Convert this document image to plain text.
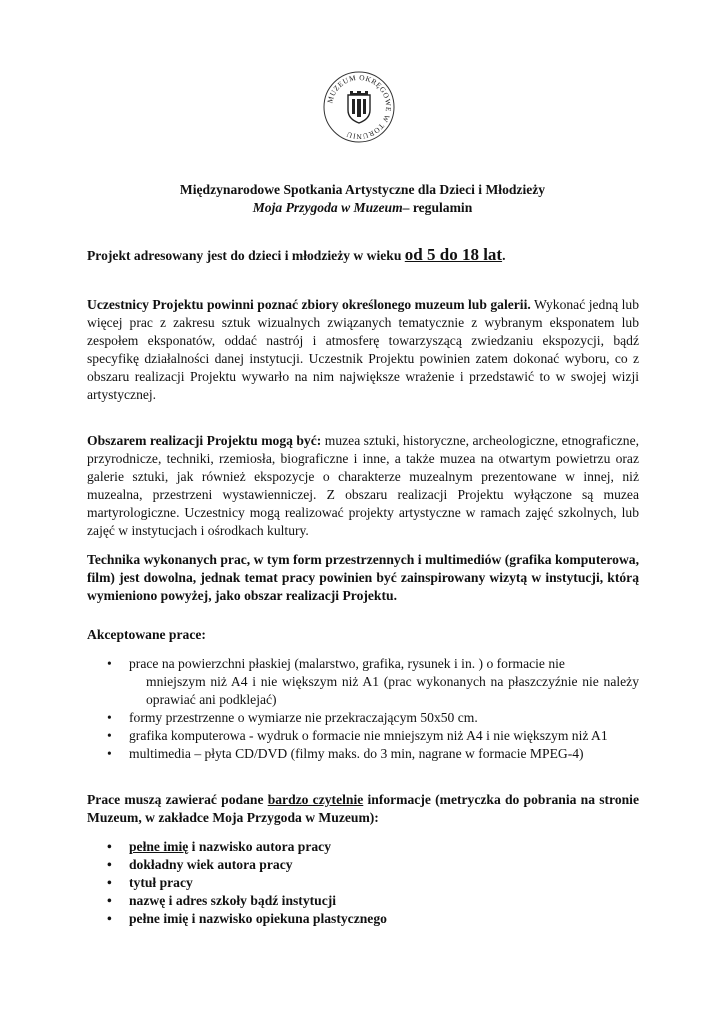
MUZEUM OKRĘGOWE W TORUNIU
Międzynarodowe Spotkania Artystyczne dla Dzieci i Młodzieży
Moja Przygoda w Muzeum– regulamin
Projekt adresowany jest do dzieci i młodzieży w wieku od 5 do 18 lat.
Uczestnicy Projektu powinni poznać zbiory określonego muzeum lub galerii. Wykonać jedną lub więcej prac z zakresu sztuk wizualnych związanych tematycznie z wybranym eksponatem lub zespołem eksponatów, oddać nastrój i atmosferę towarzyszącą zwiedzaniu ekspozycji, bądź specyfikę działalności danej instytucji. Uczestnik Projektu powinien zatem dokonać wyboru, co z obszaru realizacji Projektu wywarło na nim największe wrażenie i przedstawić to w swojej wizji artystycznej.
Obszarem realizacji Projektu mogą być: muzea sztuki, historyczne, archeologiczne, etnograficzne, przyrodnicze, techniki, rzemiosła, biograficzne i inne, a także muzea na otwartym powietrzu oraz galerie sztuki, jak również ekspozycje o charakterze muzealnym prezentowane w innej, niż muzealna, przestrzeni wystawienniczej. Z obszaru realizacji Projektu wyłączone są muzea martyrologiczne. Uczestnicy mogą realizować projekty artystyczne w ramach zajęć szkolnych, lub zajęć w instytucjach i ośrodkach kultury.
Technika wykonanych prac, w tym form przestrzennych i multimediów (grafika komputerowa, film) jest dowolna, jednak temat pracy powinien być zainspirowany wizytą w instytucji, którą wymieniono powyżej, jako obszar realizacji Projektu.
Akceptowane prace:
• prace na powierzchni płaskiej (malarstwo, grafika, rysunek i in. ) o formacie nie
mniejszym niż A4 i nie większym niż A1 (prac wykonanych na płaszczyźnie nie należy oprawiać ani podklejać)
• formy przestrzenne o wymiarze nie przekraczającym 50x50 cm.
• grafika komputerowa - wydruk o formacie nie mniejszym niż A4 i nie większym niż A1
• multimedia – płyta CD/DVD (filmy maks. do 3 min, nagrane w formacie MPEG-4)
Prace muszą zawierać podane bardzo czytelnie informacje (metryczka do pobrania na stronie Muzeum, w zakładce Moja Przygoda w Muzeum):
• pełne imię i nazwisko autora pracy
• dokładny wiek autora pracy
• tytuł pracy
• nazwę i adres szkoły bądź instytucji
• pełne imię i nazwisko opiekuna plastycznego
